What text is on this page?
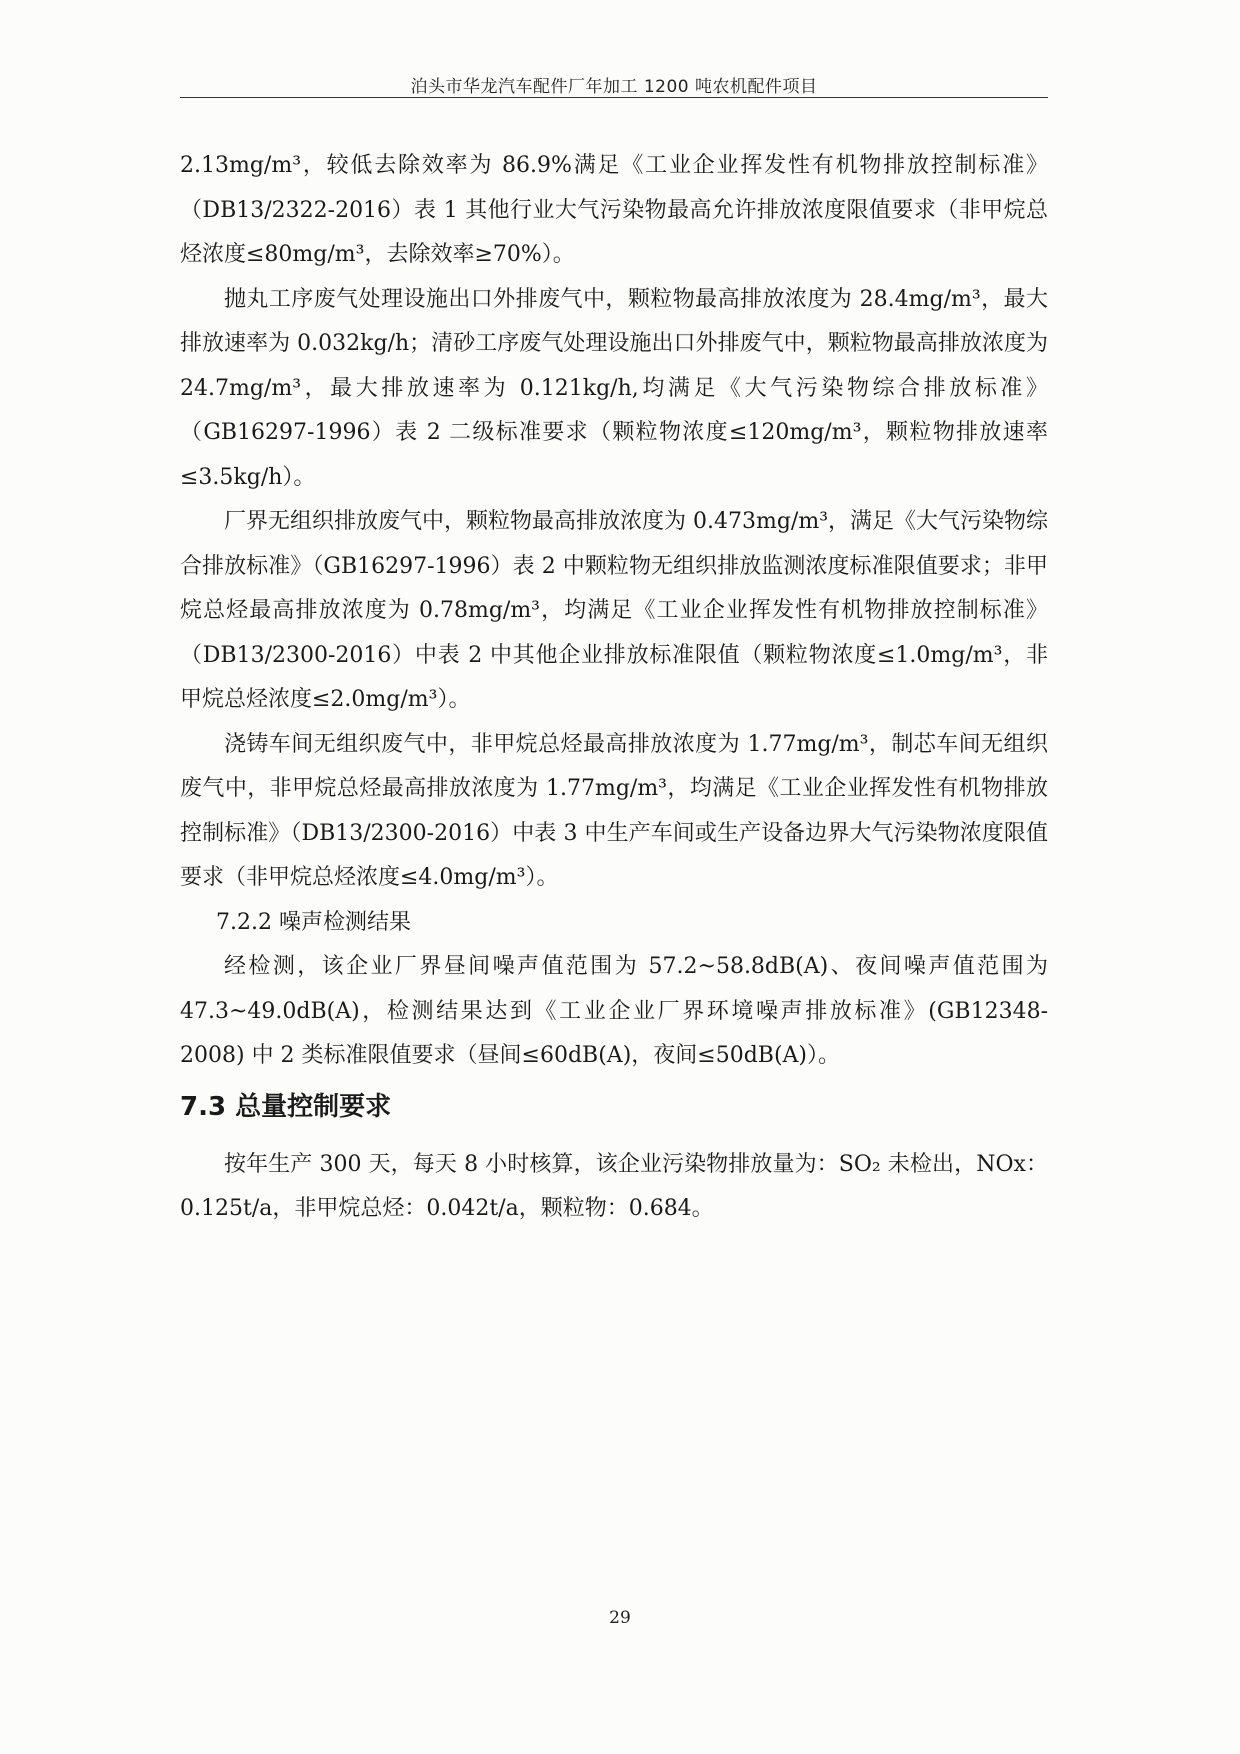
泊头市华龙汽车配件厂年加工 1200 吨农机配件项目

2.13mg/m³，较低去除效率为 86.9%满足《工业企业挥发性有机物排放控制标准》（DB13/2322-2016）表 1 其他行业大气污染物最高允许排放浓度限值要求（非甲烷总烃浓度≤80mg/m³，去除效率≥70%）。

抛丸工序废气处理设施出口外排废气中，颗粒物最高排放浓度为 28.4mg/m³，最大排放速率为 0.032kg/h；清砂工序废气处理设施出口外排废气中，颗粒物最高排放浓度为 24.7mg/m³，最大排放速率为 0.121kg/h,均满足《大气污染物综合排放标准》（GB16297-1996）表 2 二级标准要求（颗粒物浓度≤120mg/m³，颗粒物排放速率≤3.5kg/h）。

厂界无组织排放废气中，颗粒物最高排放浓度为 0.473mg/m³，满足《大气污染物综合排放标准》（GB16297-1996）表 2 中颗粒物无组织排放监测浓度标准限值要求；非甲烷总烃最高排放浓度为 0.78mg/m³，均满足《工业企业挥发性有机物排放控制标准》（DB13/2300-2016）中表 2 中其他企业排放标准限值（颗粒物浓度≤1.0mg/m³，非甲烷总烃浓度≤2.0mg/m³）。

浇铸车间无组织废气中，非甲烷总烃最高排放浓度为 1.77mg/m³，制芯车间无组织废气中，非甲烷总烃最高排放浓度为 1.77mg/m³，均满足《工业企业挥发性有机物排放控制标准》（DB13/2300-2016）中表 3 中生产车间或生产设备边界大气污染物浓度限值要求（非甲烷总烃浓度≤4.0mg/m³）。

7.2.2 噪声检测结果

经检测，该企业厂界昼间噪声值范围为 57.2~58.8dB(A)、夜间噪声值范围为 47.3~49.0dB(A)，检测结果达到《工业企业厂界环境噪声排放标准》(GB12348-2008) 中 2 类标准限值要求（昼间≤60dB(A)，夜间≤50dB(A)）。

7.3 总量控制要求

按年生产 300 天，每天 8 小时核算，该企业污染物排放量为：SO₂ 未检出，NOx：0.125t/a，非甲烷总烃：0.042t/a，颗粒物：0.684。

29
